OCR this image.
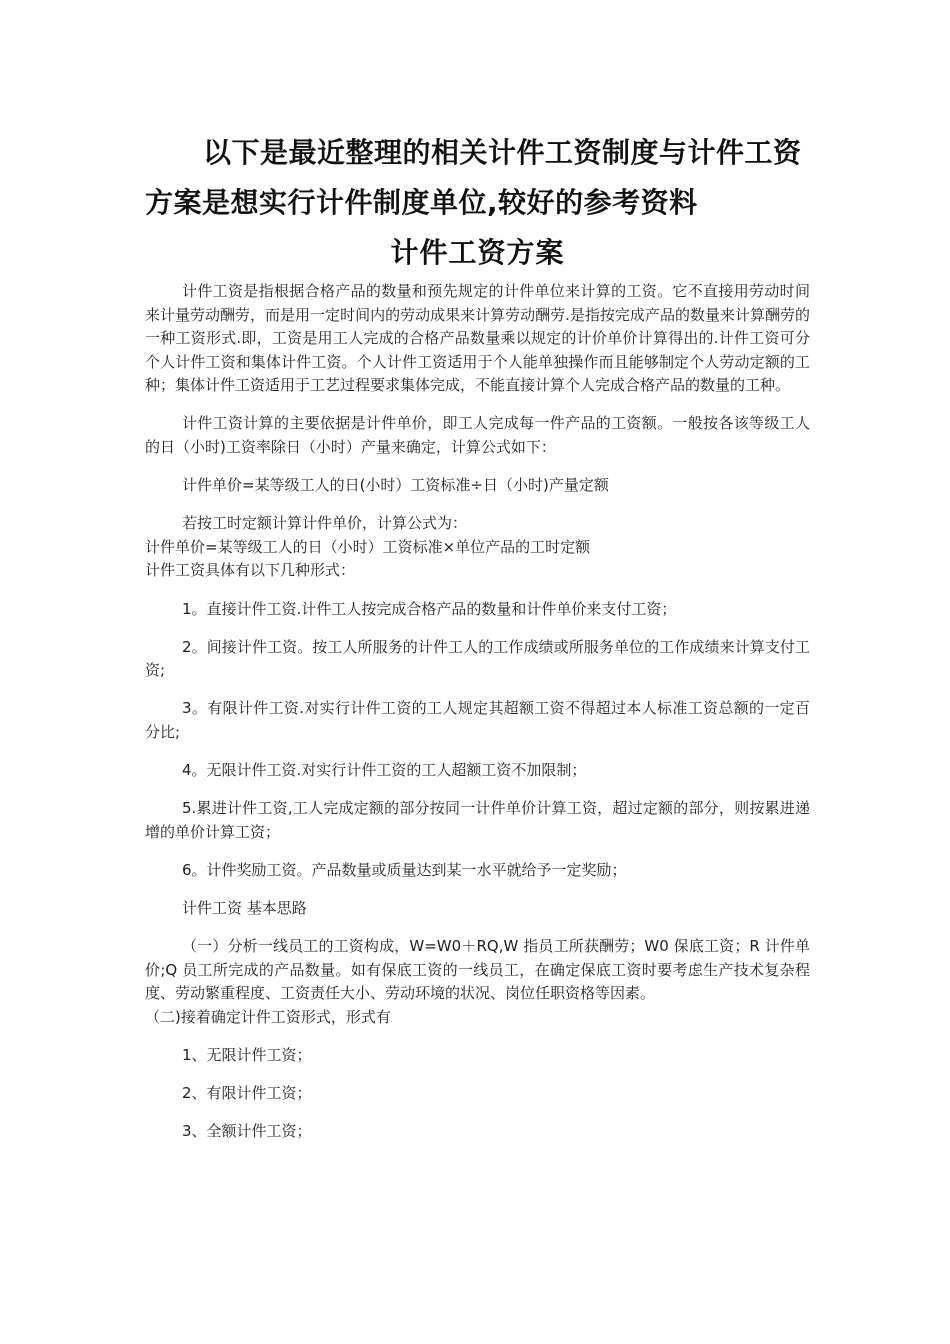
以下是最近整理的相关计件工资制度与计件工资方案是想实行计件制度单位,较好的参考资料
计件工资方案

计件工资是指根据合格产品的数量和预先规定的计件单位来计算的工资。它不直接用劳动时间来计量劳动酬劳，而是用一定时间内的劳动成果来计算劳动酬劳.是指按完成产品的数量来计算酬劳的一种工资形式.即，工资是用工人完成的合格产品数量乘以规定的计价单价计算得出的.计件工资可分个人计件工资和集体计件工资。个人计件工资适用于个人能单独操作而且能够制定个人劳动定额的工种；集体计件工资适用于工艺过程要求集体完成，不能直接计算个人完成合格产品的数量的工种。

计件工资计算的主要依据是计件单价，即工人完成每一件产品的工资额。一般按各该等级工人的日（小时)工资率除日（小时）产量来确定，计算公式如下：

计件单价=某等级工人的日(小时）工资标准÷日（小时)产量定额

若按工时定额计算计件单价，计算公式为：

计件单价=某等级工人的日（小时）工资标准×单位产品的工时定额

计件工资具体有以下几种形式：

1。直接计件工资.计件工人按完成合格产品的数量和计件单价来支付工资；

2。间接计件工资。按工人所服务的计件工人的工作成绩或所服务单位的工作成绩来计算支付工资;

3。有限计件工资.对实行计件工资的工人规定其超额工资不得超过本人标准工资总额的一定百分比;

4。无限计件工资.对实行计件工资的工人超额工资不加限制；

5.累进计件工资,工人完成定额的部分按同一计件单价计算工资，超过定额的部分，则按累进递增的单价计算工资；

6。计件奖励工资。产品数量或质量达到某一水平就给予一定奖励；

计件工资 基本思路

（一）分析一线员工的工资构成，W=W0＋RQ,W 指员工所获酬劳；W0 保底工资；R 计件单价;Q 员工所完成的产品数量。如有保底工资的一线员工，在确定保底工资时要考虑生产技术复杂程度、劳动繁重程度、工资责任大小、劳动环境的状况、岗位任职资格等因素。

（二)接着确定计件工资形式，形式有

1、无限计件工资；

2、有限计件工资；

3、全额计件工资；
